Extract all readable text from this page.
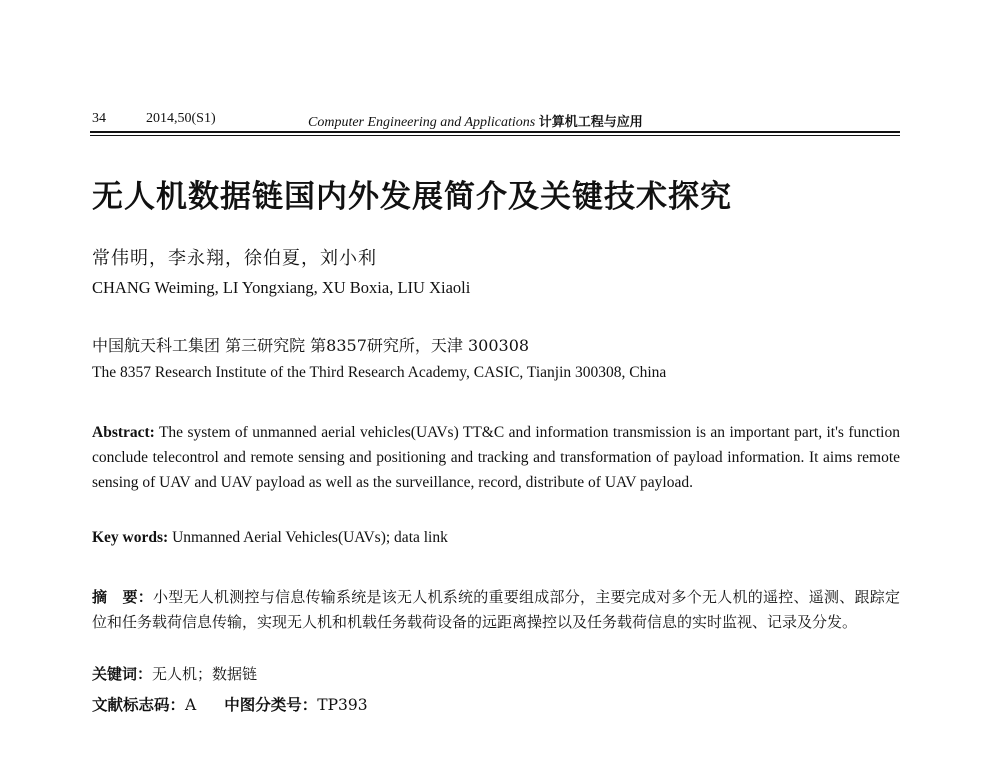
34	2014,50(S1)	Computer Engineering and Applications 计算机工程与应用
无人机数据链国内外发展简介及关键技术探究
常伟明，李永翔，徐伯夏，刘小利
CHANG Weiming, LI Yongxiang, XU Boxia, LIU Xiaoli
中国航天科工集团 第三研究院 第8357研究所，天津 300308
The 8357 Research Institute of the Third Research Academy, CASIC, Tianjin 300308, China
Abstract: The system of unmanned aerial vehicles(UAVs) TT&C and information transmission is an important part, it's function conclude telecontrol and remote sensing and positioning and tracking and transformation of payload information. It aims remote sensing of UAV and UAV payload as well as the surveillance, record, distribute of UAV payload.
Key words: Unmanned Aerial Vehicles(UAVs); data link
摘　要：小型无人机测控与信息传输系统是该无人机系统的重要组成部分，主要完成对多个无人机的遥控、遥测、跟踪定位和任务载荷信息传输，实现无人机和机载任务载荷设备的远距离操控以及任务载荷信息的实时监视、记录及分发。
关键词：无人机；数据链
文献标志码：A 中图分类号：TP393
